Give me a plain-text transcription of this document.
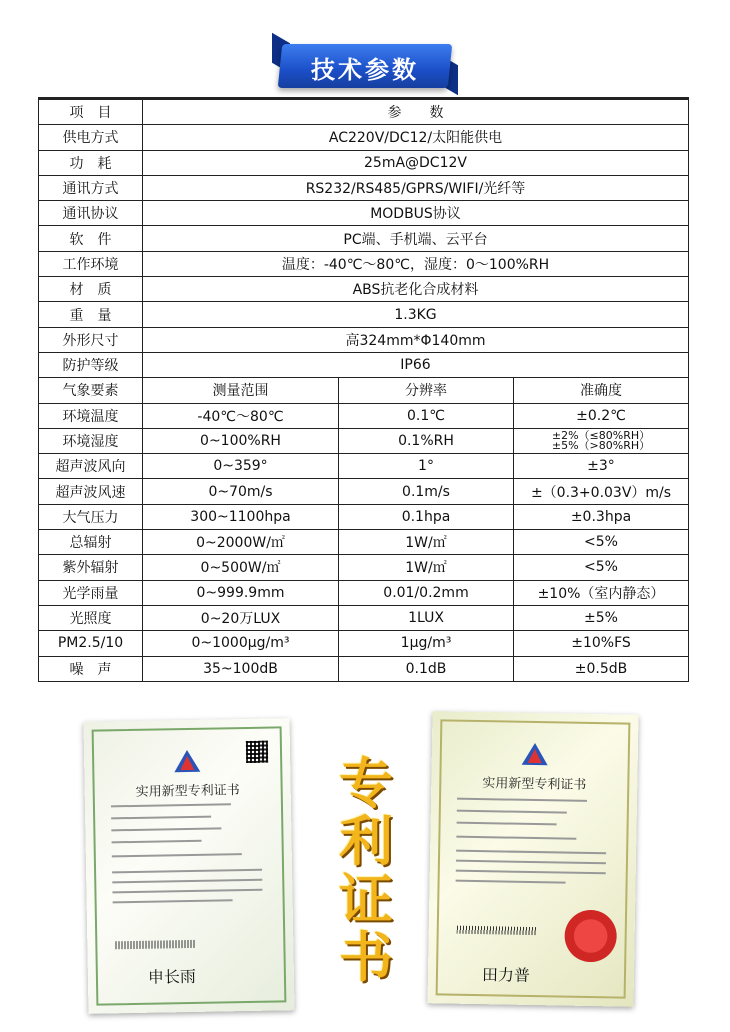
技术参数
项　目	参　　数		
供电方式	AC220V/DC12/太阳能供电		
功　耗	25mA@DC12V		
通讯方式	RS232/RS485/GPRS/WIFI/光纤等		
通讯协议	MODBUS协议		
软　件	PC端、手机端、云平台		
工作环境	温度：-40℃～80℃，湿度：0～100%RH		
材　质	ABS抗老化合成材料		
重　量	1.3KG		
外形尺寸	高324mm*Φ140mm		
防护等级	IP66		
气象要素	测量范围	分辨率	准确度
环境温度	-40℃～80℃	0.1℃	±0.2℃
环境湿度	0~100%RH	0.1%RH	±2%（≤80%RH）
±5%（>80%RH）

超声波风向	0~359°	1°	±3°
超声波风速	0~70m/s	0.1m/s	±（0.3+0.03V）m/s
大气压力	300~1100hpa	0.1hpa	±0.3hpa
总辐射	0~2000W/㎡	1W/㎡	<5%
紫外辐射	0~500W/㎡	1W/㎡	<5%
光学雨量	0~999.9mm	0.01/0.2mm	±10%（室内静态）
光照度	0~20万LUX	1LUX	±5%
PM2.5/10	0~1000μg/m³	1μg/m³	±10%FS
噪　声	35~100dB	0.1dB	±0.5dB
实用新型专利证书
申长雨
专
利
证
书
实用新型专利证书
田力普
